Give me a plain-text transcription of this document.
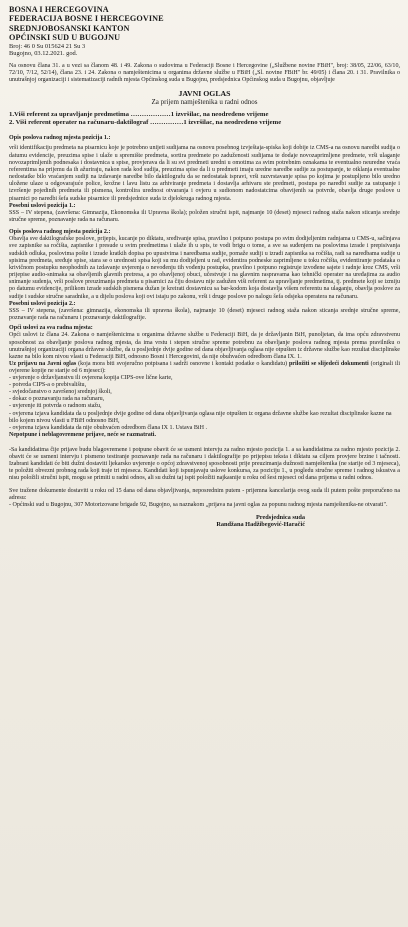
BOSNA I HERCEGOVINA
FEDERACIJA BOSNE I HERCEGOVINE
SREDNJOBOSANSKI KANTON
OPĆINSKI SUD U BUGOJNU
Broj: 46 0 Su 015624 21 Su 3
Bugojno, 03.12.2021. god.

Na osnovu člana 31. a u vezi sa članom 48. i 49. Zakona o sudovima u Federaciji Bosne i Hercegovine („Službene novine FBiH", broj: 38/05, 22/06, 63/10, 72/10, 7/12, 52/14), člana 23. i 24. Zakona o namještenicima u organima državne službe u FBiH („Sl. novine FBiH" br. 49/05) i člana 20. i 31. Pravilnika o unutrašnjoj organizaciji i sistematizaciji radnih mjesta Općinskog suda u Bugojnu, predsjednica Općinskog suda u Bugojnu, objavljuje

JAVNI OGLAS
Za prijem namještenika u radni odnos
1.Viši referent za upravljanje predmetima ………………1 izvršilac, na neodređeno vrijeme
2. Viši referent operater na računaru-daktilograf ……………1 izvršilac, na neodređeno vrijeme

Opis poslova radnog mjesta pozicija 1.:

vrši identifikaciju predmeta na pisarnicu koje je potrebno unijeti sudijama na osnovu posebnog izvještaja-spiska koji dobije iz CMS-a na osnovu naredbi sudija o datumu evidencije, preuzima spise i ulaže u spremište predmeta, sortira predmete po zaduženosti sudijama te dodaje novozaprimljene predmete, vrši ulaganje novozaprimljenih podnesaka i dostavnica u spise, provjerava da li su svi predmeti uredni u omotima za svim potrebnim oznakama te eventualno neuredne vraća referentima na prijemu da ih ažuriraju, nakon rada kod sudija, preuzima spise da li u predmeti imaju uredne naredbe sudije za postupanje, te otklanja eventualne nedostatke bilo vraćanjem sudiji na izdavanje naredbe bilo daktilografu da se nedostatak ispravi, vrši razvrstavanje spisa po kojima je postupljeno bilo uredno uložene ulaze u odgovarajuće police, krožne i lavu listu za arhiviranje predmeta i dostavlja arhivaru ste predmeti, postupa po naredbi sudije za ustupanje i izvršenje pojedinih predmeta ili pismena, kontrolira urednost otvaranja i ovjeru u sudionom nadostatcima obavijenih sa potvrde, obavlja druge poslove u pisarnici po naredbi šefa sudske pisarnice ili predsjednice suda iz djelokruga radnog mjesta.

Posebni uslovi pozicija 1.:

SSS – IV stepena, (završena: Gimnazija, Ekonomska ili Upravna škola); položen stručni ispit, najmanje 10 (deset) mjeseci radnog staža nakon sticanja srednje stručne spreme, poznavanje rada na računaru.

Opis poslova radnog mjesta pozicija 2.:

Obavlja sve daktilografske poslove, prijepis, kucanje po diktatu, sređivanje spisa, pravilno i potpuno postupa po svim dodijeljenim radnjama u CMS-u, sačinjava sve zapisnike sa ročišta, zapisnike i presude u svim predmetima i ulaže ih u spis, te vodi brigu o tome, a sve sa suđenjem na poslovima izrade i prepisivanja sudskih odluka, poslovima pošte i izrade kratkih dopisa po upustvima i naredbama sudije, pomaže sudiji u izradi zapisnika sa ročišta, radi sa naredbama sudije u spisima predmeta, sređuje spise, stara se o urednosti spisa koji su mu dodijeljeni u rad, evidentira podneske zaprimljene u toku ročišta, evidentiranje podataka o krivičnom postupku neophodnih za izdavanje uvjerenja o nevođenju tih vođenju postupka, pravilno i potpuno registruje izvođene sajete i radnje kroz CMS, vrši prijepise audio-snimaka sa obavljenih glavnih pretresa, a po obavljenoj obuci, učestvuje i na glavnim raspravama kao tehnički operater na uređajima za audio snimanje sudenja, vrši poslove preuzimanja predmeta u pisarnici za čiju dostavu nije zadužen viši referent za upravljanje predmetima, tj. predmete koji se izmiju po datumu evidencije, prilikom izrade sudskih pismena dužan je kreirati dostavnicu sa bar-kodom koja dostavlja višem referentu na ulaganju, obavlja poslove za sudije i sudske stručne saradnike, a u dijelu poslova koji ovi istaju po zakonu, vrši i druge poslove po nalogu šefa odsjeka operatera na računaru.

Posebni uslovi pozicija 2.:

SSS – IV stepena, (završena: gimnazija, ekonomska ili upravna škola), najmanje 10 (deset) mjeseci radnog staža nakon sticanja srednje stručne spreme, poznavanje rada na računaru i poznavanje daktilografije.

Opći uslovi za sva radna mjesta:

Opći uslovi iz člana 24. Zakona o namještenicima u organima državne službe u Federaciji BiH, da je državljanin BiH, punoljetan, da ima opću zdravstvenu sposobnost za obavljanje poslova radnog mjesta, da ima vrstu i stepen stručne spreme potrebnu za obavljanje poslova radnog mjesta prema pravilniku o unutrašnjoj organizaciji organa državne službe, da u posljednje dvije godine od dana objavljivanja oglasa nije otpušten iz državne službe kao rezultat disciplinske kazne na bilo kom nivou vlasti u Federaciji BiH, odnosno Bosni i Hercegovini, da nije obuhvaćen odredbom člana IX. 1.

Uz prijavu na Javni oglas (koja mora biti svojeručno potpisana i sadrži osnovne i kontakt podatke o kandidatu) priložiti se slijedeći dokumenti (originali ili ovjerene kopije ne starije od 6 mjeseci):

- uvjerenje o državljanstvu ili ovjerena kopija CIPS-ove lične karte,

- potvrda CIPS-a o prebivalištu,

- svjedočanstvo o završenoj srednjoj školi,

- dokaz o poznavanju rada na računaru,

- uvjerenje iti potvrda o radnom stažu,

- ovjerena izjava kandidata da u posljednje dvije godine od dana objavljivanja oglasa nije otpušten iz organa državne službe kao rezultat disciplinske kazne na bilo kojem nivou vlasti u FBiH odnosno BiH,

- ovjerena izjava kandidata da nije obuhvaćen odredbom člana IX 1. Ustava BiH .

Nepotpune i neblagovremene prijave, neće se razmatrati.

-Sa kandidatima čije prijave budu blagovremene i potpune obavit će se usmeni intervju za radno mjesto pozicija 1. a sa kandidatima za radno mjesto pozicija 2. obavit će se usmeni intervju i pismeno testiranje poznavanje rada na računaru i daktilografije po prijepisu teksta i diktatu sa ciljem provjere brzine i tačnosti. Izabrani kandidati će biti dužni dostaviti ljekarsko uvjerenje o općoj zdravstvenoj sposobnosti prije preuzimanja dužnosti namještenika (ne starije od 3 mjeseca), te položiti obvezni probnog rada koji traje tri mjeseca. Kandidati koji ispunjavaju uslove konkursa, za poziciju 1., u pogledu stručne spreme i radnog iskustva a nisu položili stručni ispit, mogu se primiti u radni odnos, ali su dužni taj ispit položiti najkasnije u roku od šest mjeseci od dana prijema u radni odnos.

Sve tražene dokumente dostaviti u roku od 15 dana od dana objavljivanja, neposrednim putem - prijemna kancelarija ovog suda ili putem pošte preporučeno na adresu:

- Općinski sud u Bugojnu, 307 Motorizovane brigade 92, Bugojno, sa naznakom „prijava na javni oglas za popunu radnog mjesta namještenika-ne otvarati".

Predsjednica suda
Randžana Hadžibegović-Haračić
